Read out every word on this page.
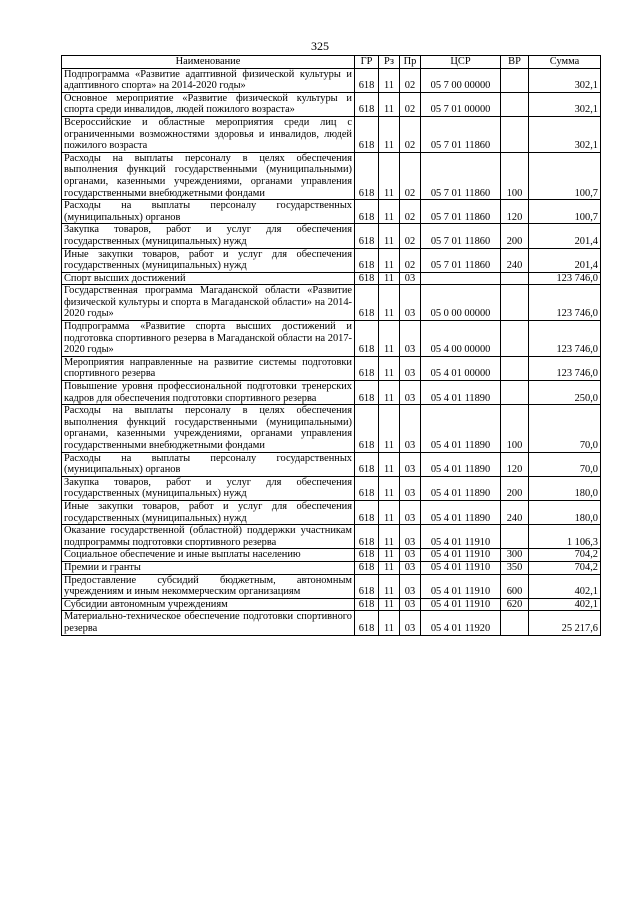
325
Наименование	ГР	Рз	Пр	ЦСР	ВР	Сумма
Подпрограмма «Развитие адаптивной физической культуры и адаптивного спорта» на 2014-2020 годы»	618	11	02	05 7 00 00000		302,1
Основное мероприятие «Развитие физической культуры и спорта среди инвалидов, людей пожилого возраста»	618	11	02	05 7 01 00000		302,1
Всероссийские и областные мероприятия среди лиц с ограниченными возможностями здоровья и инвалидов, людей пожилого возраста	618	11	02	05 7 01 11860		302,1
Расходы на выплаты персоналу в целях обеспечения выполнения функций государственными (муниципальными) органами, казенными учреждениями, органами управления государственными внебюджетными фондами	618	11	02	05 7 01 11860	100	100,7
Расходы на выплаты персоналу государственных (муниципальных) органов	618	11	02	05 7 01 11860	120	100,7
Закупка товаров, работ и услуг для обеспечения государственных (муниципальных) нужд	618	11	02	05 7 01 11860	200	201,4
Иные закупки товаров, работ и услуг для обеспечения государственных (муниципальных) нужд	618	11	02	05 7 01 11860	240	201,4
Спорт высших достижений	618	11	03			123 746,0
Государственная программа Магаданской области «Развитие физической культуры и спорта в Магаданской области» на 2014-2020 годы»	618	11	03	05 0 00 00000		123 746,0
Подпрограмма «Развитие спорта высших достижений и подготовка спортивного резерва в Магаданской области на 2017-2020 годы»	618	11	03	05 4 00 00000		123 746,0
Мероприятия направленные на развитие системы подготовки спортивного резерва	618	11	03	05 4 01 00000		123 746,0
Повышение уровня профессиональной подготовки тренерских кадров для обеспечения подготовки спортивного резерва	618	11	03	05 4 01 11890		250,0
Расходы на выплаты персоналу в целях обеспечения выполнения функций государственными (муниципальными) органами, казенными учреждениями, органами управления государственными внебюджетными фондами	618	11	03	05 4 01 11890	100	70,0
Расходы на выплаты персоналу государственных (муниципальных) органов	618	11	03	05 4 01 11890	120	70,0
Закупка товаров, работ и услуг для обеспечения государственных (муниципальных) нужд	618	11	03	05 4 01 11890	200	180,0
Иные закупки товаров, работ и услуг для обеспечения государственных (муниципальных) нужд	618	11	03	05 4 01 11890	240	180,0
Оказание государственной (областной) поддержки участникам подпрограммы подготовки спортивного резерва	618	11	03	05 4 01 11910		1 106,3
Социальное обеспечение и иные выплаты населению	618	11	03	05 4 01 11910	300	704,2
Премии и гранты	618	11	03	05 4 01 11910	350	704,2
Предоставление субсидий бюджетным, автономным учреждениям и иным некоммерческим организациям	618	11	03	05 4 01 11910	600	402,1
Субсидии автономным учреждениям	618	11	03	05 4 01 11910	620	402,1
Материально-техническое обеспечение подготовки спортивного резерва	618	11	03	05 4 01 11920		25 217,6
